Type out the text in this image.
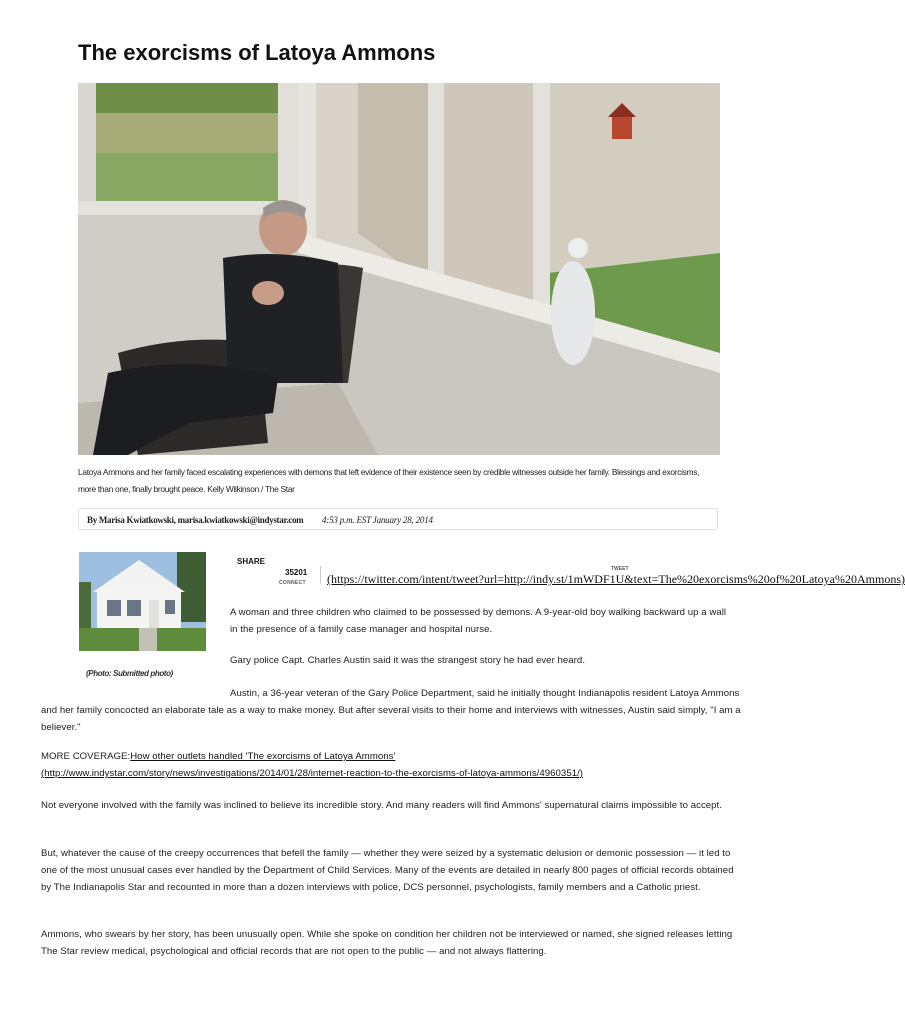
The exorcisms of Latoya Ammons
Latoya Ammons and her family faced escalating experiences with demons that left evidence of their existence seen by credible witnesses outside her family. Blessings and exorcisms, more than one, finally brought peace. Kelly Wilkinson / The Star
By Marisa Kwiatkowski, marisa.kwiatkowski@indystar.com 4:53 p.m. EST January 28, 2014
(Photo: Submitted photo)
SHARE
35201
CONNECT
TWEET
(https://twitter.com/intent/tweet?url=http://indy.st/1mWDF1U&text=The%20exorcisms%20of%20Latoya%20Ammons)
A woman and three children who claimed to be possessed by demons. A 9-year-old boy walking backward up a wall in the presence of a family case manager and hospital nurse.
Gary police Capt. Charles Austin said it was the strangest story he had ever heard.
Austin, a 36-year veteran of the Gary Police Department, said he initially thought Indianapolis resident Latoya Ammons and her family concocted an elaborate tale as a way to make money. But after several visits to their home and interviews with witnesses, Austin said simply, "I am a believer."
MORE COVERAGE:How other outlets handled 'The exorcisms of Latoya Ammons'
(http://www.indystar.com/story/news/investigations/2014/01/28/internet-reaction-to-the-exorcisms-of-latoya-ammons/4960351/)
Not everyone involved with the family was inclined to believe its incredible story. And many readers will find Ammons' supernatural claims impossible to accept.
But, whatever the cause of the creepy occurrences that befell the family — whether they were seized by a systematic delusion or demonic possession — it led to one of the most unusual cases ever handled by the Department of Child Services. Many of the events are detailed in nearly 800 pages of official records obtained by The Indianapolis Star and recounted in more than a dozen interviews with police, DCS personnel, psychologists, family members and a Catholic priest.
Ammons, who swears by her story, has been unusually open. While she spoke on condition her children not be interviewed or named, she signed releases letting The Star review medical, psychological and official records that are not open to the public — and not always flattering.
